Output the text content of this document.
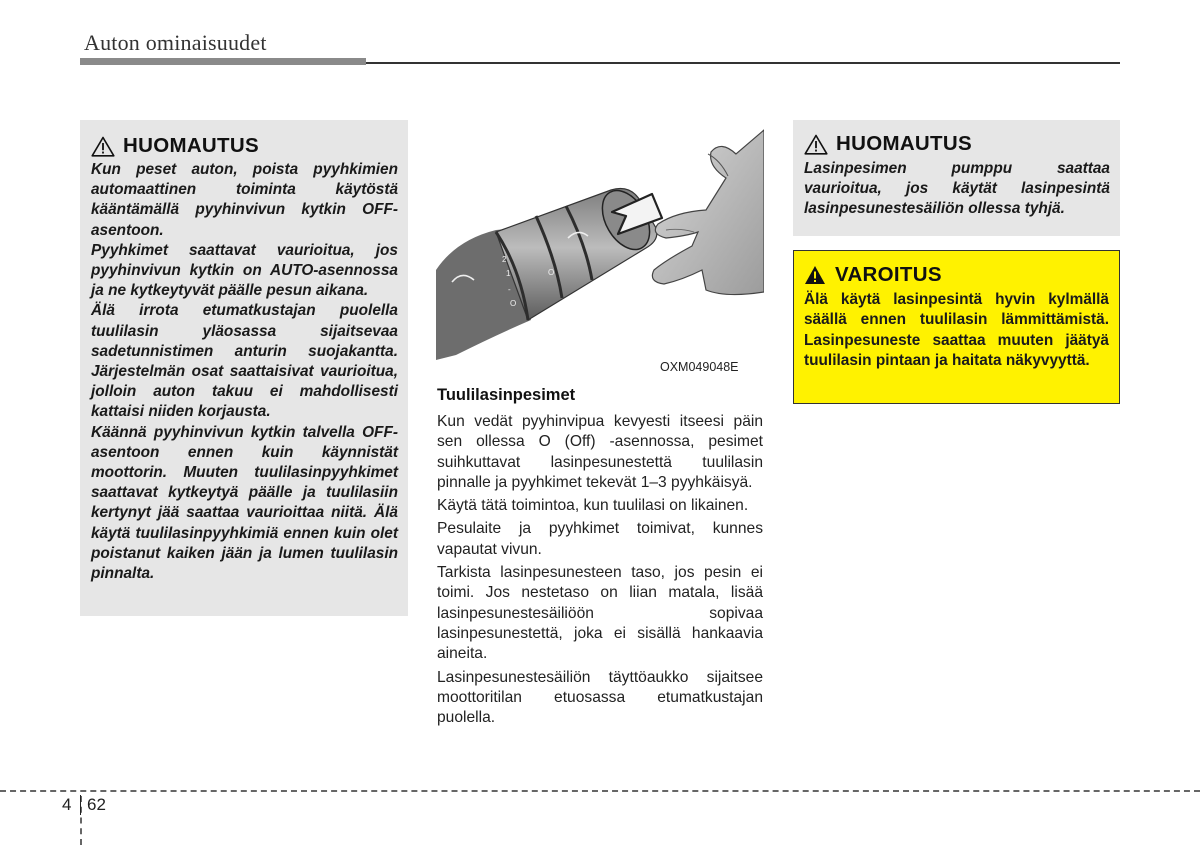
Auton ominaisuudet
HUOMAUTUS

Kun peset auton, poista pyyhkimien automaattinen toiminta käytöstä kääntämällä pyyhinvivun kytkin OFF-asentoon.

Pyyhkimet saattavat vaurioitua, jos pyyhinvivun kytkin on AUTO-asennossa ja ne kytkeytyvät päälle pesun aikana.

Älä irrota etumatkustajan puolella tuulilasin yläosassa sijaitsevaa sadetunnistimen anturin suojakantta. Järjestelmän osat saattaisivat vaurioitua, jolloin auton takuu ei mahdollisesti kattaisi niiden korjausta.

Käännä pyyhinvivun kytkin talvella OFF-asentoon ennen kuin käynnistät moottorin. Muuten tuulilasinpyyhkimet saattavat kytkeytyä päälle ja tuulilasiin kertynyt jää saattaa vaurioittaa niitä. Älä käytä tuulilasinpyyhkimiä ennen kuin olet poistanut kaiken jään ja lumen tuulilasin pinnalta.

2
1
-
O
O
OXM049048E
Tuulilasinpesimet

Kun vedät pyyhinvipua kevyesti itseesi päin sen ollessa O (Off) -asennossa, pesimet suihkuttavat lasinpesunestettä tuulilasin pinnalle ja pyyhkimet tekevät 1–3 pyyhkäisyä.

Käytä tätä toimintoa, kun tuulilasi on likainen.

Pesulaite ja pyyhkimet toimivat, kunnes vapautat vivun.

Tarkista lasinpesunesteen taso, jos pesin ei toimi. Jos nestetaso on liian matala, lisää lasinpesunestesäiliöön sopivaa lasinpesunestettä, joka ei sisällä hankaavia aineita.

Lasinpesunestesäiliön täyttöaukko sijaitsee moottoritilan etuosassa etumatkustajan puolella.

HUOMAUTUS

Lasinpesimen pumppu saattaa vaurioitua, jos käytät lasinpesintä lasinpesunestesäiliön ollessa tyhjä.

VAROITUS

Älä käytä lasinpesintä hyvin kylmällä säällä ennen tuulilasin lämmittämistä. Lasinpesuneste saattaa muuten jäätyä tuulilasin pintaan ja haitata näkyvyyttä.

4 62
